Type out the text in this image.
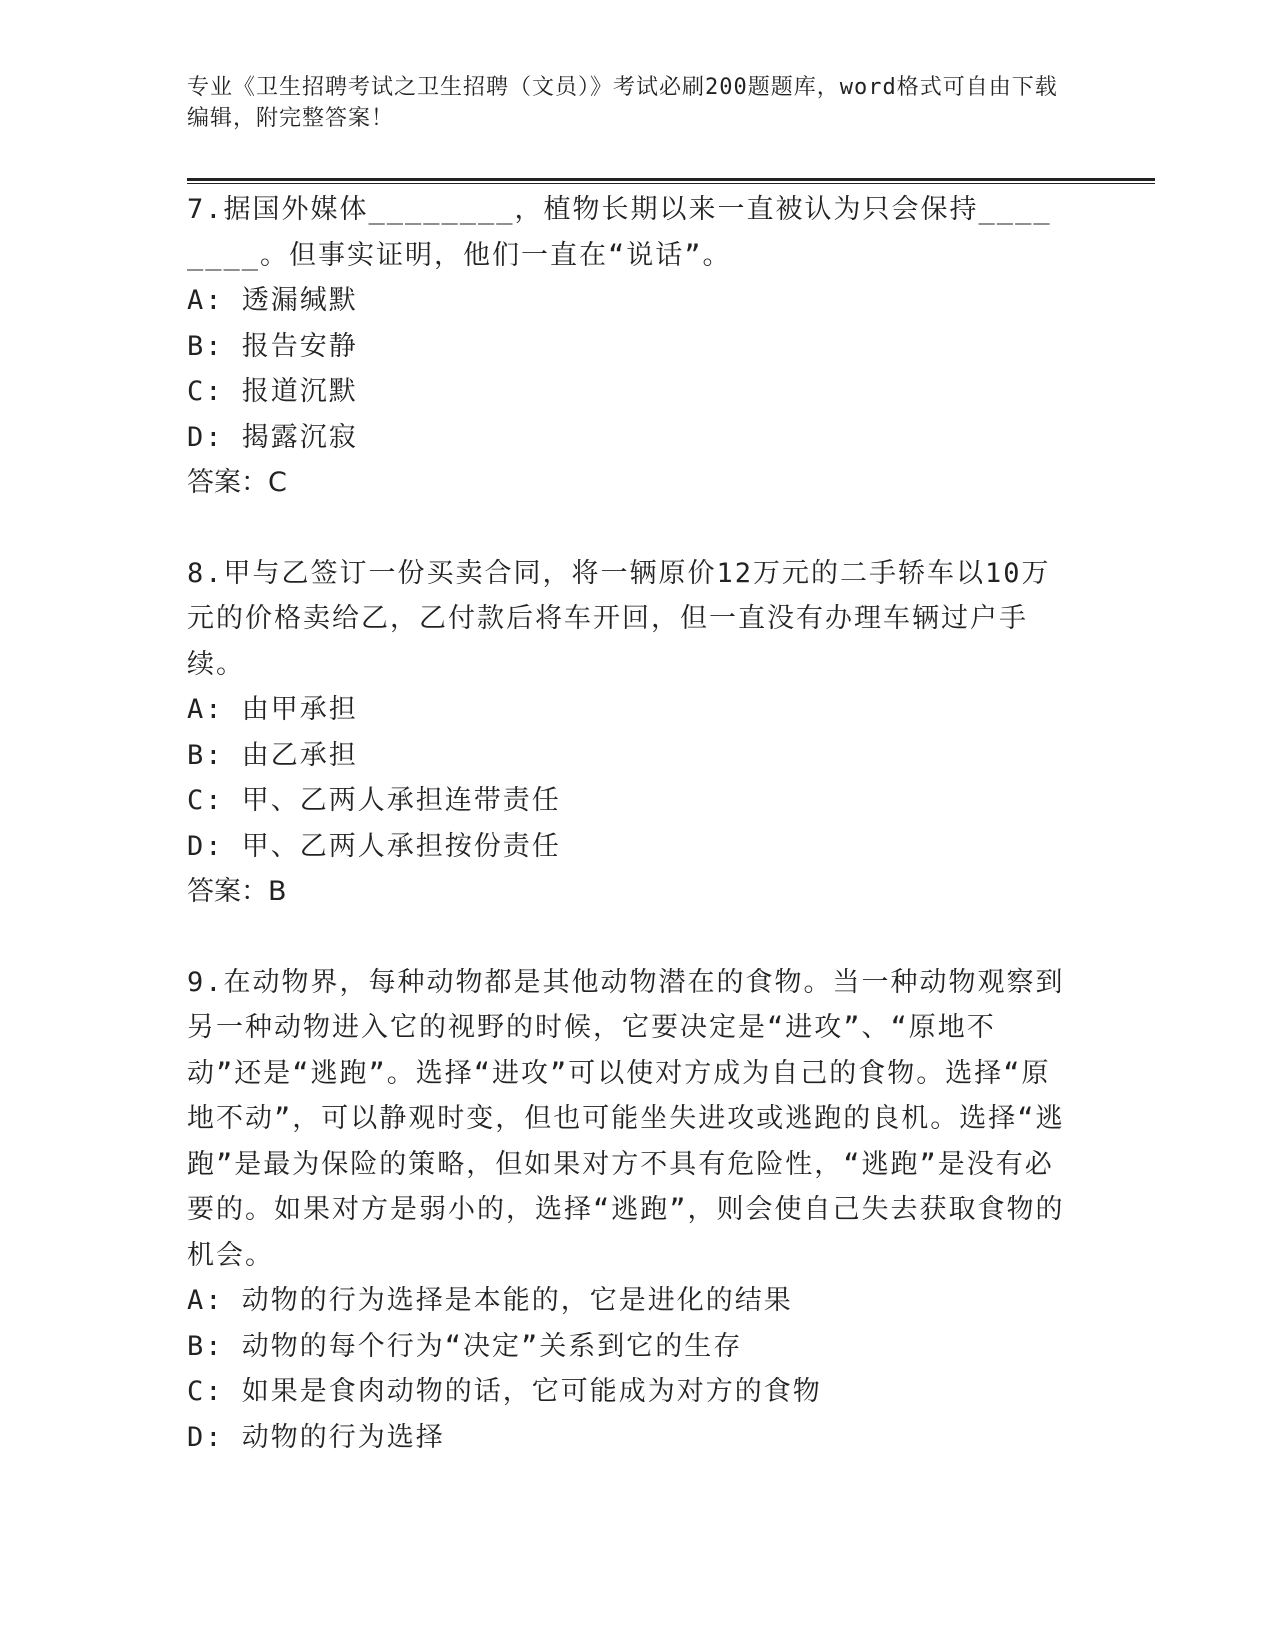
专业《卫生招聘考试之卫生招聘（文员）》考试必刷200题题库，word格式可自由下载编辑，附完整答案！
7.据国外媒体________，植物长期以来一直被认为只会保持________。但事实证明，他们一直在“说话”。
A: 透漏缄默
B: 报告安静
C: 报道沉默
D: 揭露沉寂
答案：C
8.甲与乙签订一份买卖合同，将一辆原价12万元的二手轿车以10万元的价格卖给乙，乙付款后将车开回，但一直没有办理车辆过户手续。
A: 由甲承担
B: 由乙承担
C: 甲、乙两人承担连带责任
D: 甲、乙两人承担按份责任
答案：B
9.在动物界，每种动物都是其他动物潜在的食物。当一种动物观察到另一种动物进入它的视野的时候，它要决定是“进攻”、“原地不动”还是“逃跑”。选择“进攻”可以使对方成为自己的食物。选择“原地不动”，可以静观时变，但也可能坐失进攻或逃跑的良机。选择“逃跑”是最为保险的策略，但如果对方不具有危险性，“逃跑”是没有必要的。如果对方是弱小的，选择“逃跑”，则会使自己失去获取食物的机会。
A: 动物的行为选择是本能的，它是进化的结果
B: 动物的每个行为“决定”关系到它的生存
C: 如果是食肉动物的话，它可能成为对方的食物
D: 动物的行为选择
